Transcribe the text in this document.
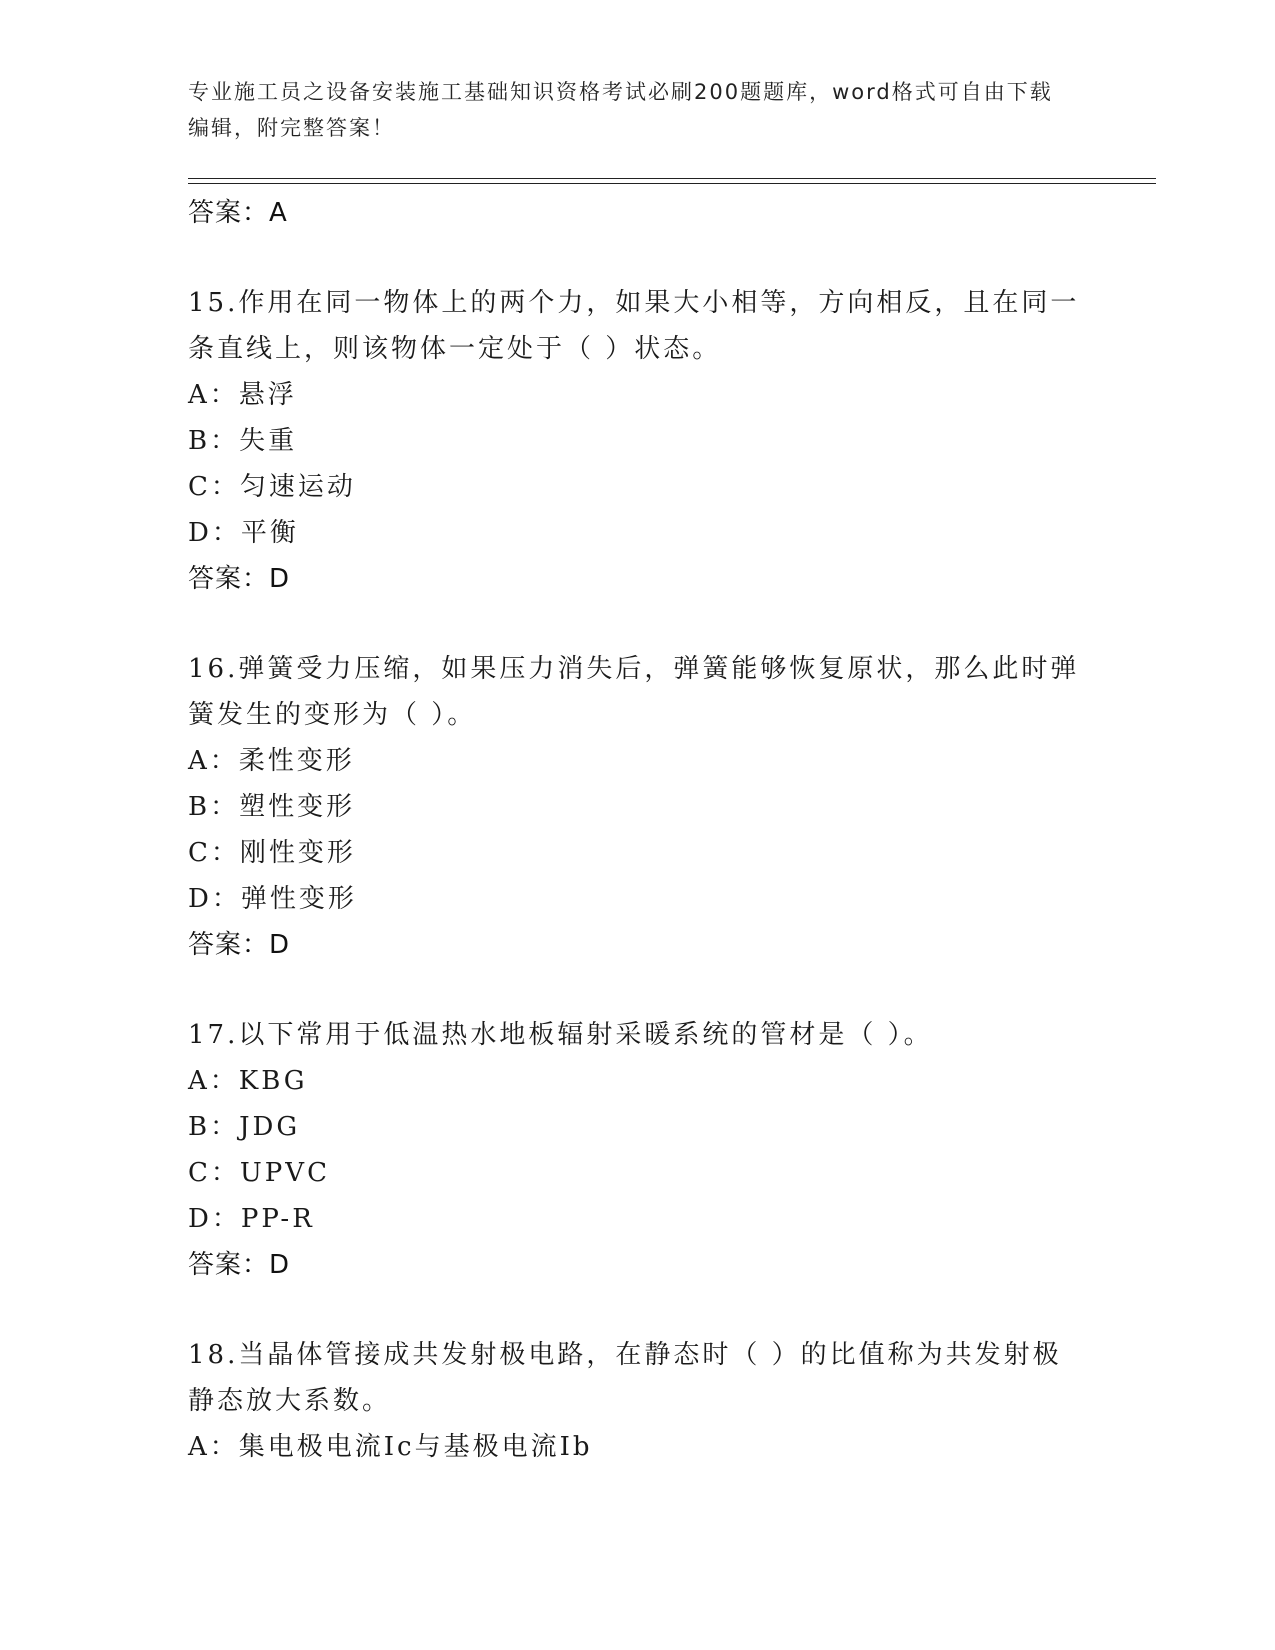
专业施工员之设备安装施工基础知识资格考试必刷200题题库，word格式可自由下载编辑，附完整答案！
答案：A
15.作用在同一物体上的两个力，如果大小相等，方向相反，且在同一条直线上，则该物体一定处于（ ）状态。
A：悬浮
B：失重
C：匀速运动
D：平衡
答案：D
16.弹簧受力压缩，如果压力消失后，弹簧能够恢复原状，那么此时弹簧发生的变形为（ ）。
A：柔性变形
B：塑性变形
C：刚性变形
D：弹性变形
答案：D
17.以下常用于低温热水地板辐射采暖系统的管材是（ ）。
A：KBG
B：JDG
C：UPVC
D：PP-R
答案：D
18.当晶体管接成共发射极电路，在静态时（ ）的比值称为共发射极静态放大系数。
A：集电极电流Ic与基极电流Ib
